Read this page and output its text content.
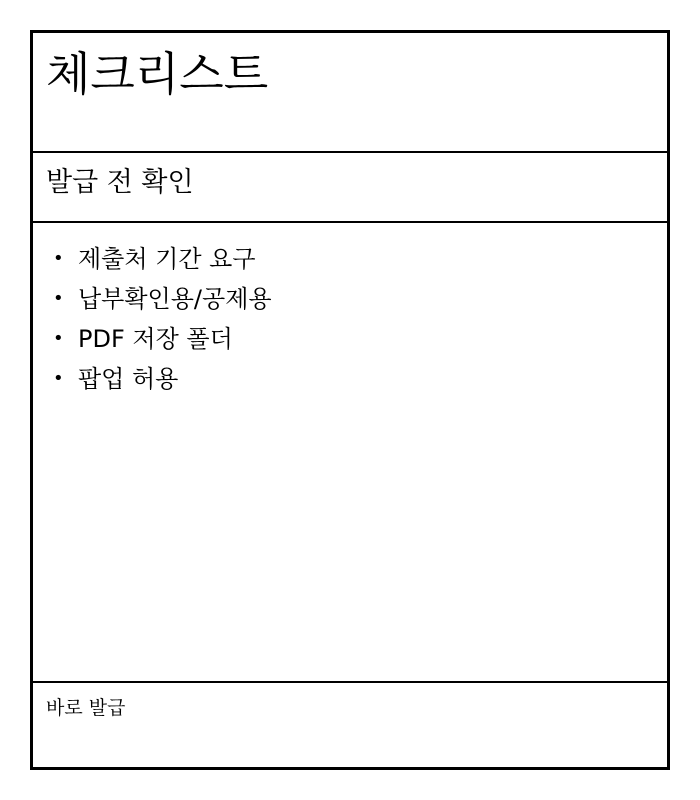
체크리스트
발급 전 확인
• 제출처 기간 요구
• 납부확인용/공제용
• PDF 저장 폴더
• 팝업 허용
바로 발급
